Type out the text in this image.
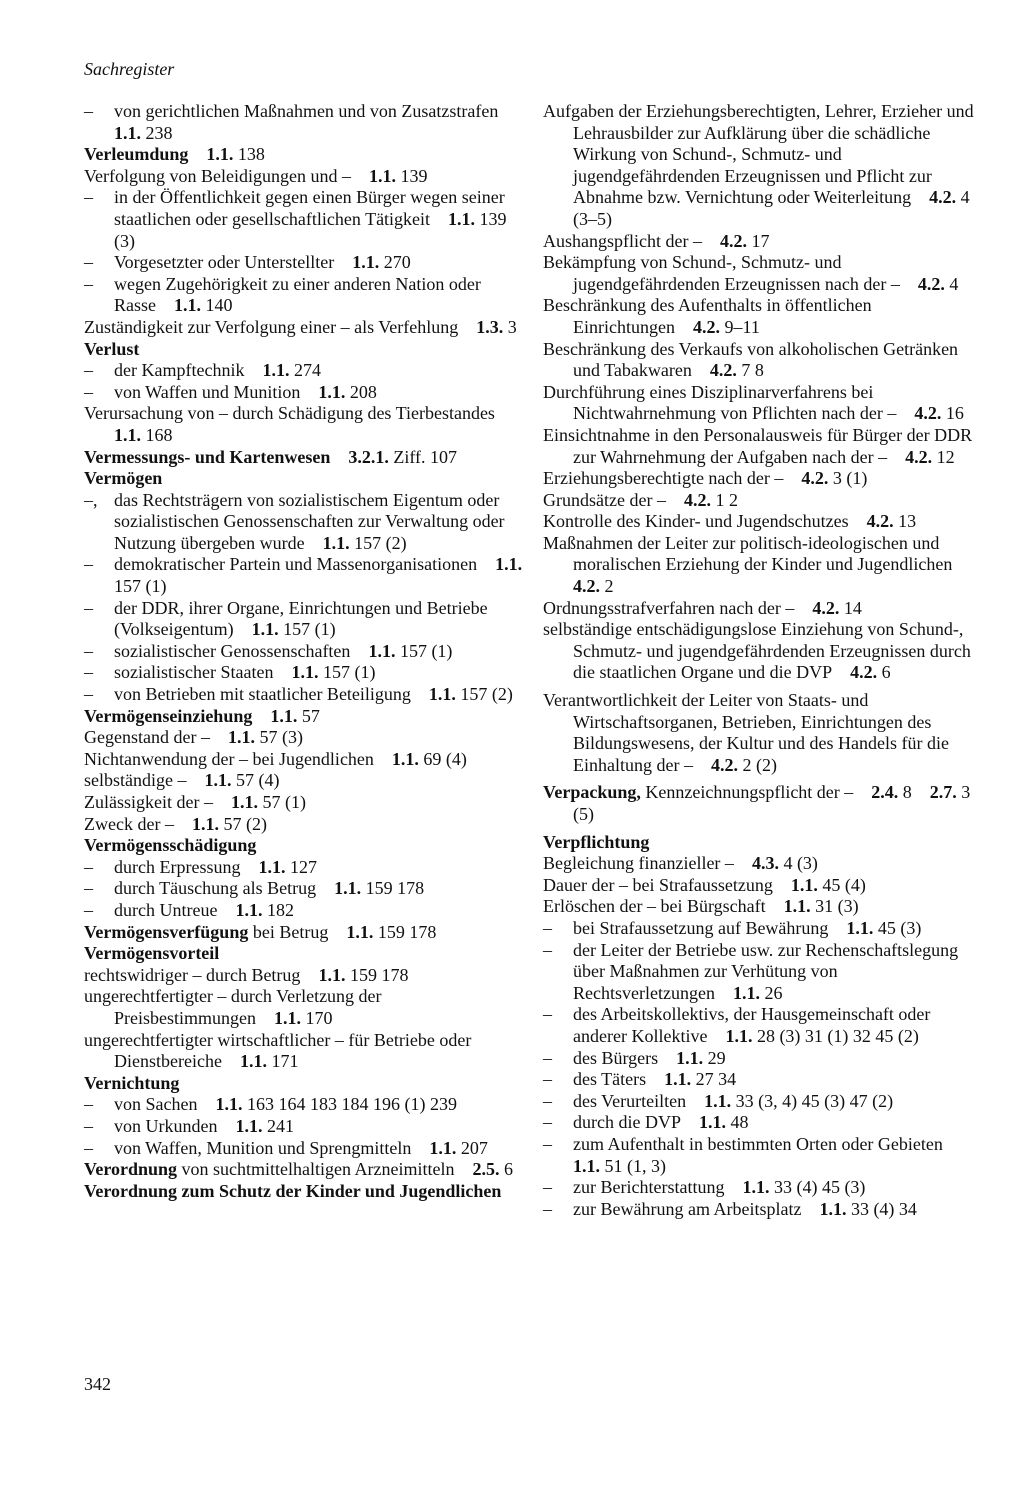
Sachregister
– von gerichtlichen Maßnahmen und von Zusatzstrafen 1.1. 238
Verleumdung  1.1. 138
Verfolgung von Beleidigungen und –  1.1. 139
– in der Öffentlichkeit gegen einen Bürger wegen seiner staatlichen oder gesellschaftlichen Tätigkeit  1.1. 139 (3)
– Vorgesetzter oder Unterstellter  1.1. 270
– wegen Zugehörigkeit zu einer anderen Nation oder Rasse  1.1. 140
Zuständigkeit zur Verfolgung einer – als Verfehlung  1.3. 3
Verlust
– der Kampftechnik  1.1. 274
– von Waffen und Munition  1.1. 208
Verursachung von – durch Schädigung des Tierbestandes 1.1. 168
Vermessungs- und Kartenwesen  3.2.1. Ziff. 107
Vermögen
–, das Rechtsträgern von sozialistischem Eigentum oder sozialistischen Genossenschaften zur Verwaltung oder Nutzung übergeben wurde  1.1. 157 (2)
– demokratischer Partein und Massenorganisationen  1.1. 157 (1)
– der DDR, ihrer Organe, Einrichtungen und Betriebe (Volkseigentum)  1.1. 157 (1)
– sozialistischer Genossenschaften  1.1. 157 (1)
– sozialistischer Staaten  1.1. 157 (1)
– von Betrieben mit staatlicher Beteiligung  1.1. 157 (2)
Vermögenseinziehung  1.1. 57
Gegenstand der –  1.1. 57 (3)
Nichtanwendung der – bei Jugendlichen  1.1. 69 (4)
selbständige –  1.1. 57 (4)
Zulässigkeit der –  1.1. 57 (1)
Zweck der –  1.1. 57 (2)
Vermögensschädigung
– durch Erpressung  1.1. 127
– durch Täuschung als Betrug  1.1. 159 178
– durch Untreue  1.1. 182
Vermögensverfügung bei Betrug  1.1. 159 178
Vermögensvorteil
rechtswidriger – durch Betrug  1.1. 159 178
ungerechtfertigter – durch Verletzung der Preisbestimmungen  1.1. 170
ungerechtfertigter wirtschaftlicher – für Betriebe oder Dienstbereiche  1.1. 171
Vernichtung
– von Sachen  1.1. 163 164 183 184 196 (1) 239
– von Urkunden  1.1. 241
– von Waffen, Munition und Sprengmitteln  1.1. 207
Verordnung von suchtmittelhaltigen Arzneimitteln  2.5. 6
Verordnung zum Schutz der Kinder und Jugendlichen
Aufgaben der Erziehungsberechtigten, Lehrer, Erzieher und Lehrausbilder zur Aufklärung über die schädliche Wirkung von Schund-, Schmutz- und jugendgefährdenden Erzeugnissen und Pflicht zur Abnahme bzw. Vernichtung oder Weiterleitung  4.2. 4 (3–5)
Aushangspflicht der –  4.2. 17
Bekämpfung von Schund-, Schmutz- und jugendgefährdenden Erzeugnissen nach der –  4.2. 4
Beschränkung des Aufenthalts in öffentlichen Einrichtungen  4.2. 9–11
Beschränkung des Verkaufs von alkoholischen Getränken und Tabakwaren  4.2. 7 8
Durchführung eines Disziplinarverfahrens bei Nichtwahrnehmung von Pflichten nach der –  4.2. 16
Einsichtnahme in den Personalausweis für Bürger der DDR zur Wahrnehmung der Aufgaben nach der –  4.2. 12
Erziehungsberechtigte nach der –  4.2. 3 (1)
Grundsätze der –  4.2. 1 2
Kontrolle des Kinder- und Jugendschutzes  4.2. 13
Maßnahmen der Leiter zur politisch-ideologischen und moralischen Erziehung der Kinder und Jugendlichen 4.2. 2
Ordnungsstrafverfahren nach der –  4.2. 14
selbständige entschädigungslose Einziehung von Schund-, Schmutz- und jugendgefährdenden Erzeugnissen durch die staatlichen Organe und die DVP  4.2. 6
Verantwortlichkeit der Leiter von Staats- und Wirtschaftsorganen, Betrieben, Einrichtungen des Bildungswesens, der Kultur und des Handels für die Einhaltung der –  4.2. 2 (2)
Verpackung, Kennzeichnungspflicht der –  2.4. 8  2.7. 3 (5)
Verpflichtung
Begleichung finanzieller –  4.3. 4 (3)
Dauer der – bei Strafaussetzung  1.1. 45 (4)
Erlöschen der – bei Bürgschaft  1.1. 31 (3)
– bei Strafaussetzung auf Bewährung  1.1. 45 (3)
– der Leiter der Betriebe usw. zur Rechenschaftslegung über Maßnahmen zur Verhütung von Rechtsverletzungen  1.1. 26
– des Arbeitskollektivs, der Hausgemeinschaft oder anderer Kollektive  1.1. 28 (3) 31 (1) 32 45 (2)
– des Bürgers  1.1. 29
– des Täters  1.1. 27 34
– des Verurteilten  1.1. 33 (3, 4) 45 (3) 47 (2)
– durch die DVP  1.1. 48
– zum Aufenthalt in bestimmten Orten oder Gebieten 1.1. 51 (1, 3)
– zur Berichterstattung  1.1. 33 (4) 45 (3)
– zur Bewährung am Arbeitsplatz  1.1. 33 (4) 34
342
